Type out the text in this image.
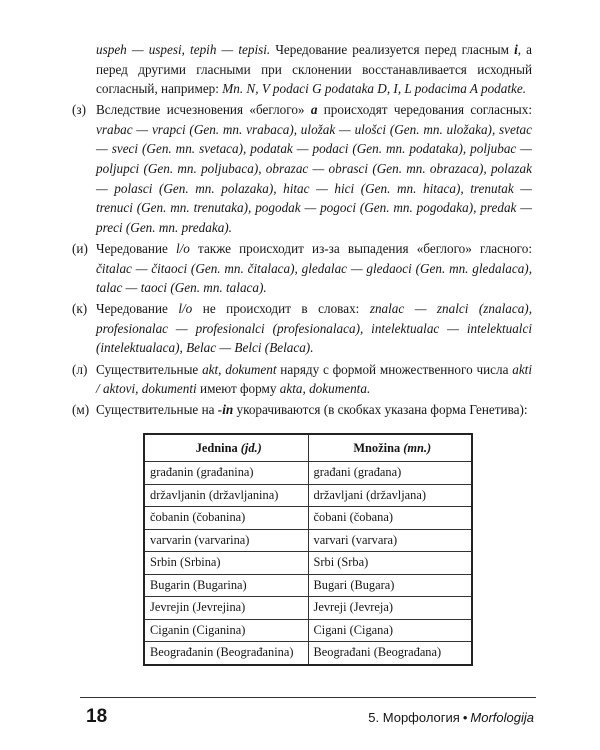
uspeh — uspesi, tepih — tepisi. Чередование реализуется перед гласным i, а перед другими гласными при склонении восстанавливается исходный согласный, например: Mn. N, V podaci G podataka D, I, L podacima A podatke.

(з) Вследствие исчезновения «беглого» a происходят чередования согласных: vrabac — vrapci (Gen. mn. vrabaca), uložak — ulošci (Gen. mn. uložaka), svetac — sveci (Gen. mn. svetaca), podatak — podaci (Gen. mn. podataka), poljubac — poljupci (Gen. mn. poljubaca), obrazac — obrasci (Gen. mn. obrazaca), polazak — polasci (Gen. mn. polazaka), hitac — hici (Gen. mn. hitaca), trenutak — trenuci (Gen. mn. trenutaka), pogodak — pogoci (Gen. mn. pogodaka), predak — preci (Gen. mn. predaka).

(и) Чередование l/o также происходит из-за выпадения «беглого» гласного: čitalac — čitaoci (Gen. mn. čitalaca), gledalac — gledaoci (Gen. mn. gledalaca), talac — taoci (Gen. mn. talaca).

(к) Чередование l/o не происходит в словах: znalac — znalci (znalaca), profesionalac — profesionalci (profesionalaca), intelektualac — intelektualci (intelektualaca), Belac — Belci (Belaca).

(л) Существительные akt, dokument наряду с формой множественного числа akti / aktovi, dokumenti имеют форму akta, dokumenta.

(м) Существительные на -in укорачиваются (в скобках указана форма Генетива):

Jednina (jd.)	Množina (mn.)
građanin (građanina)	građani (građana)
državljanin (državljanina)	državljani (državljana)
čobanin (čobanina)	čobani (čobana)
varvarin (varvarina)	varvari (varvara)
Srbin (Srbina)	Srbi (Srba)
Bugarin (Bugarina)	Bugari (Bugara)
Jevrejin (Jevrejina)	Jevreji (Jevreja)
Ciganin (Ciganina)	Cigani (Cigana)
Beograđanin (Beograđanina)	Beograđani (Beograđana)
18	5. Морфология • Morfologija
